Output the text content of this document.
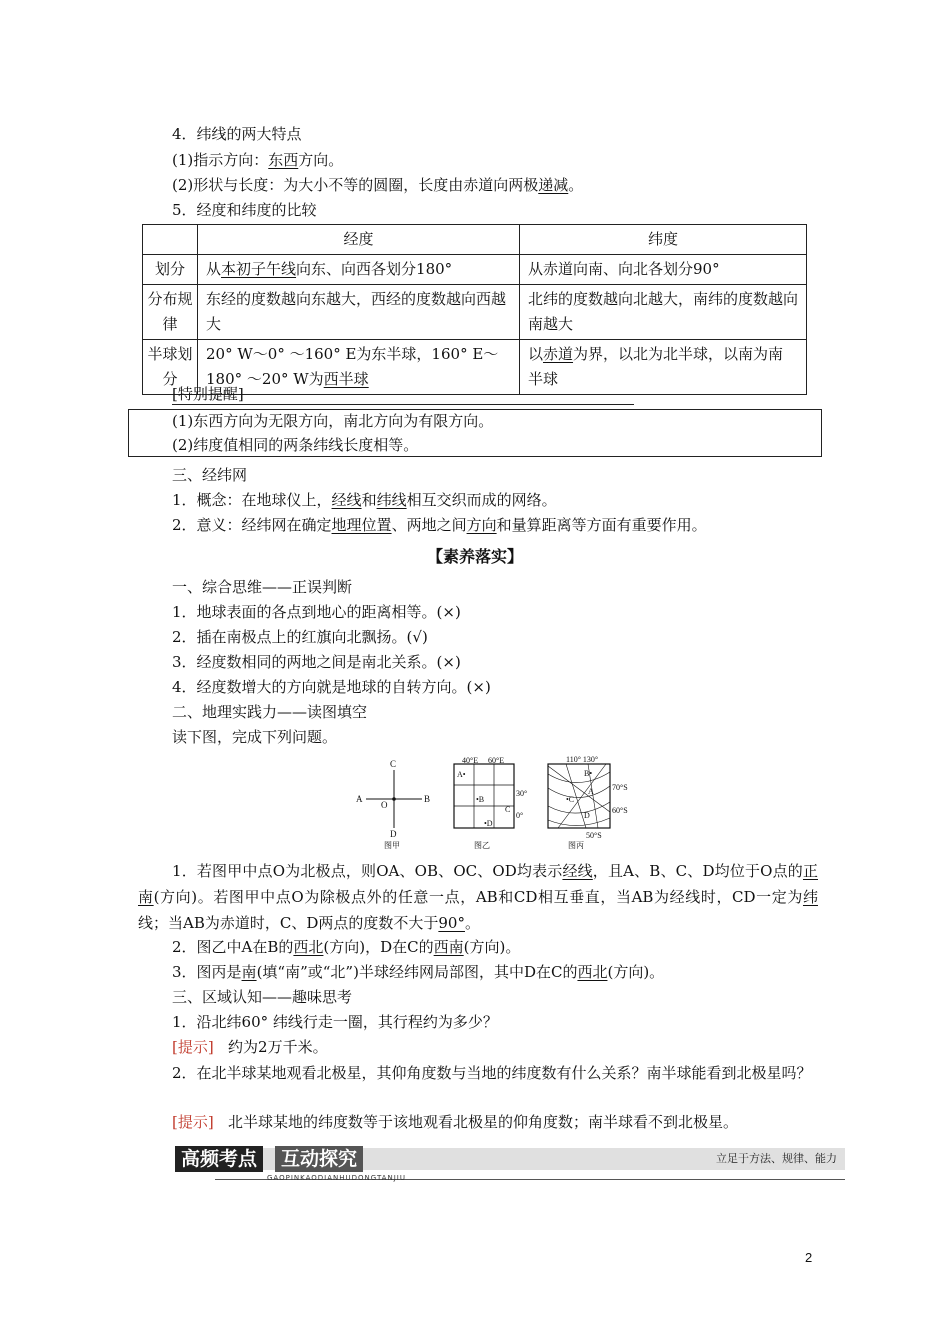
4．纬线的两大特点
(1)指示方向：东西方向。
(2)形状与长度：为大小不等的圆圈，长度由赤道向两极递减。
5．经度和纬度的比较
	经度	纬度
划分	从本初子午线向东、向西各划分180°	从赤道向南、向北各划分90°
分布规律	东经的度数越向东越大，西经的度数越向西越大	北纬的度数越向北越大，南纬的度数越向南越大
半球划分	20° W～0° ～160° E为东半球，160° E～180° ～20° W为西半球	以赤道为界，以北为北半球，以南为南半球
[特别提醒]
(1)东西方向为无限方向，南北方向为有限方向。
(2)纬度值相同的两条纬线长度相等。
三、经纬网
1．概念：在地球仪上，经线和纬线相互交织而成的网络。
2．意义：经纬网在确定地理位置、两地之间方向和量算距离等方面有重要作用。
【素养落实】
一、综合思维——正误判断
1．地球表面的各点到地心的距离相等。(×)
2．插在南极点上的红旗向北飘扬。(√)
3．经度数相同的两地之间是南北关系。(×)
4．经度数增大的方向就是地球的自转方向。(×)
二、地理实践力——读图填空
读下图，完成下列问题。
C
A
O
B
D
图甲
40°E 60°E
A•
•B
C
•D
30°
0°
图乙
110° 130°
B•
A
•C
D
70°S
60°S
50°S
图丙
1．若图甲中点O为北极点，则OA、OB、OC、OD均表示经线，且A、B、C、D均位于O点的正南(方向)。若图甲中点O为除极点外的任意一点，AB和CD相互垂直，当AB为经线时，CD一定为纬线；当AB为赤道时，C、D两点的度数不大于90°。
2．图乙中A在B的西北(方向)，D在C的西南(方向)。
3．图丙是南(填“南”或“北”)半球经纬网局部图，其中D在C的西北(方向)。
三、区域认知——趣味思考
1．沿北纬60° 纬线行走一圈，其行程约为多少？
[提示] 约为2万千米。
2．在北半球某地观看北极星，其仰角度数与当地的纬度数有什么关系？南半球能看到北极星吗？
[提示] 北半球某地的纬度数等于该地观看北极星的仰角度数；南半球看不到北极星。
高频考点	互动探究	立足于方法、规律、能力
GAOPINKAODIANHUDONGTANJIU
2
